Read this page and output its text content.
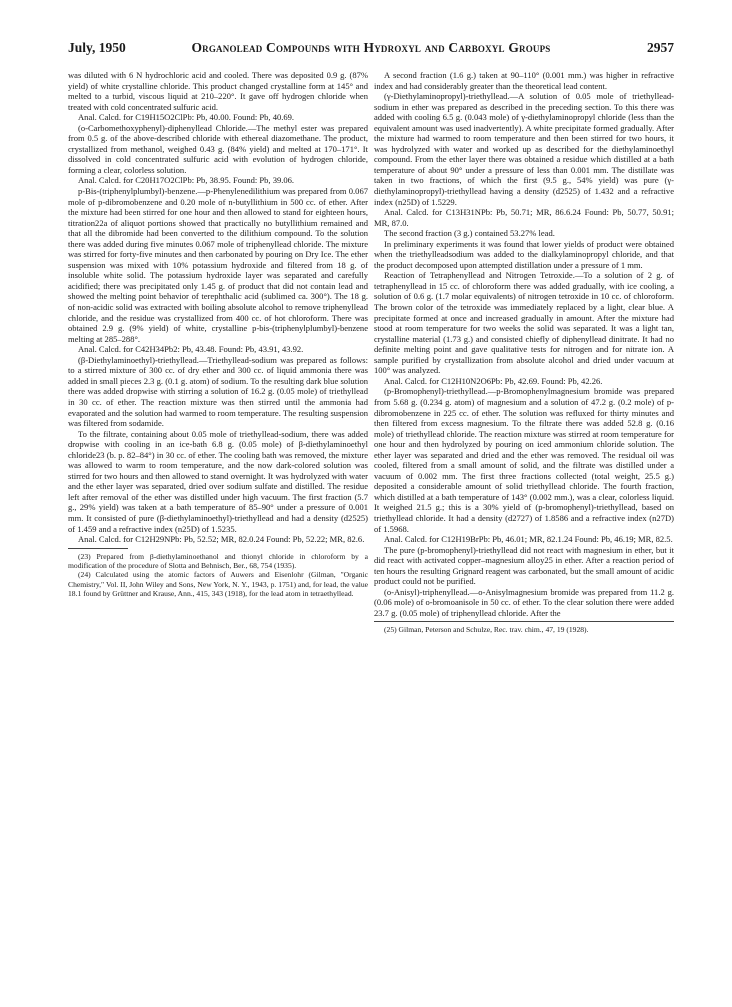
July, 1950	Organolead Compounds with Hydroxyl and Carboxyl Groups	2957

was diluted with 6 N hydrochloric acid and cooled. There was deposited 0.9 g. (87% yield) of white crystalline chloride. This product changed crystalline form at 145° and melted to a turbid, viscous liquid at 210–220°. It gave off hydrogen chloride when treated with cold concentrated sulfuric acid.

Anal. Calcd. for C19H15O2ClPb: Pb, 40.00. Found: Pb, 40.69.

(o-Carbomethoxyphenyl)-diphenyllead Chloride.—The methyl ester was prepared from 0.5 g. of the above-described chloride with ethereal diazomethane. The product, crystallized from methanol, weighed 0.43 g. (84% yield) and melted at 170–171°. It dissolved in cold concentrated sulfuric acid with evolution of hydrogen chloride, forming a clear, colorless solution.

Anal. Calcd. for C20H17O2ClPb: Pb, 38.95. Found: Pb, 39.06.

p-Bis-(triphenylplumbyl)-benzene.—p-Phenylenedilithium was prepared from 0.067 mole of p-dibromobenzene and 0.20 mole of n-butyllithium in 500 cc. of ether. After the mixture had been stirred for one hour and then allowed to stand for eighteen hours, titration22a of aliquot portions showed that practically no butyllithium remained and that all the dibromide had been converted to the dilithium compound. To the solution there was added during five minutes 0.067 mole of triphenyllead chloride. The mixture was stirred for forty-five minutes and then carbonated by pouring on Dry Ice. The ether suspension was mixed with 10% potassium hydroxide and filtered from 18 g. of insoluble white solid. The potassium hydroxide layer was separated and carefully acidified; there was precipitated only 1.45 g. of product that did not contain lead and showed the melting point behavior of terephthalic acid (sublimed ca. 300°). The 18 g. of non-acidic solid was extracted with boiling absolute alcohol to remove triphenyllead chloride, and the residue was crystallized from 400 cc. of hot chloroform. There was obtained 2.9 g. (9% yield) of white, crystalline p-bis-(triphenylplumbyl)-benzene melting at 285–288°.

Anal. Calcd. for C42H34Pb2: Pb, 43.48. Found: Pb, 43.91, 43.92.

(β-Diethylaminoethyl)-triethyllead.—Triethyllead-sodium was prepared as follows: to a stirred mixture of 300 cc. of dry ether and 300 cc. of liquid ammonia there was added in small pieces 2.3 g. (0.1 g. atom) of sodium. To the resulting dark blue solution there was added dropwise with stirring a solution of 16.2 g. (0.05 mole) of triethyllead in 30 cc. of ether. The reaction mixture was then stirred until the ammonia had evaporated and the solution had warmed to room temperature. The resulting suspension was filtered from sodamide.

To the filtrate, containing about 0.05 mole of triethyllead-sodium, there was added dropwise with cooling in an ice-bath 6.8 g. (0.05 mole) of β-diethylaminoethyl chloride23 (b. p. 82–84°) in 30 cc. of ether. The cooling bath was removed, the mixture was allowed to warm to room temperature, and the now dark-colored solution was stirred for two hours and then allowed to stand overnight. It was hydrolyzed with water and the ether layer was separated, dried over sodium sulfate and distilled. The residue left after removal of the ether was distilled under high vacuum. The first fraction (5.7 g., 29% yield) was taken at a bath temperature of 85–90° under a pressure of 0.001 mm. It consisted of pure (β-diethylaminoethyl)-triethyllead and had a density (d2525) of 1.459 and a refractive index (n25D) of 1.5235.

Anal. Calcd. for C12H29NPb: Pb, 52.52; MR, 82.0.24 Found: Pb, 52.22; MR, 82.6.

(23) Prepared from β-diethylaminoethanol and thionyl chloride in chloroform by a modification of the procedure of Slotta and Behnisch, Ber., 68, 754 (1935).

(24) Calculated using the atomic factors of Auwers and Eisenlohr (Gilman, "Organic Chemistry," Vol. II, John Wiley and Sons, New York, N. Y., 1943, p. 1751) and, for lead, the value 18.1 found by Grüttner and Krause, Ann., 415, 343 (1918), for the lead atom in tetraethyllead.

A second fraction (1.6 g.) taken at 90–110° (0.001 mm.) was higher in refractive index and had considerably greater than the theoretical lead content.

(γ-Diethylaminopropyl)-triethyllead.—A solution of 0.05 mole of triethyllead-sodium in ether was prepared as described in the preceding section. To this there was added with cooling 6.5 g. (0.043 mole) of γ-diethylaminopropyl chloride (less than the equivalent amount was used inadvertently). A white precipitate formed gradually. After the mixture had warmed to room temperature and then been stirred for two hours, it was hydrolyzed with water and worked up as described for the diethylaminoethyl compound. From the ether layer there was obtained a residue which distilled at a bath temperature of about 90° under a pressure of less than 0.001 mm. The distillate was taken in two fractions, of which the first (9.5 g., 54% yield) was pure (γ-diethylaminopropyl)-triethyllead having a density (d2525) of 1.432 and a refractive index (n25D) of 1.5229.

Anal. Calcd. for C13H31NPb: Pb, 50.71; MR, 86.6.24 Found: Pb, 50.77, 50.91; MR, 87.0.

The second fraction (3 g.) contained 53.27% lead.

In preliminary experiments it was found that lower yields of product were obtained when the triethylleadsodium was added to the dialkylaminopropyl chloride, and that the product decomposed upon attempted distillation under a pressure of 1 mm.

Reaction of Tetraphenyllead and Nitrogen Tetroxide.—To a solution of 2 g. of tetraphenyllead in 15 cc. of chloroform there was added gradually, with ice cooling, a solution of 0.6 g. (1.7 molar equivalents) of nitrogen tetroxide in 10 cc. of chloroform. The brown color of the tetroxide was immediately replaced by a light, clear blue. A precipitate formed at once and increased gradually in amount. After the mixture had stood at room temperature for two weeks the solid was separated. It was a light tan, crystalline material (1.73 g.) and consisted chiefly of diphenyllead dinitrate. It had no definite melting point and gave qualitative tests for nitrogen and for nitrate ion. A sample purified by crystallization from absolute alcohol and dried under vacuum at 100° was analyzed.

Anal. Calcd. for C12H10N2O6Pb: Pb, 42.69. Found: Pb, 42.26.

(p-Bromophenyl)-triethyllead.—p-Bromophenylmagnesium bromide was prepared from 5.68 g. (0.234 g. atom) of magnesium and a solution of 47.2 g. (0.2 mole) of p-dibromobenzene in 225 cc. of ether. The solution was refluxed for thirty minutes and then filtered from excess magnesium. To the filtrate there was added 52.8 g. (0.16 mole) of triethyllead chloride. The reaction mixture was stirred at room temperature for one hour and then hydrolyzed by pouring on iced ammonium chloride solution. The ether layer was separated and dried and the ether was removed. The residual oil was cooled, filtered from a small amount of solid, and the filtrate was distilled under a vacuum of 0.002 mm. The first three fractions collected (total weight, 25.5 g.) deposited a considerable amount of solid triethyllead chloride. The fourth fraction, which distilled at a bath temperature of 143° (0.002 mm.), was a clear, colorless liquid. It weighed 21.5 g.; this is a 30% yield of (p-bromophenyl)-triethyllead, based on triethyllead chloride. It had a density (d2727) of 1.8586 and a refractive index (n27D) of 1.5968.

Anal. Calcd. for C12H19BrPb: Pb, 46.01; MR, 82.1.24 Found: Pb, 46.19; MR, 82.5.

The pure (p-bromophenyl)-triethyllead did not react with magnesium in ether, but it did react with activated copper–magnesium alloy25 in ether. After a reaction period of ten hours the resulting Grignard reagent was carbonated, but the small amount of acidic product could not be purified.

(o-Anisyl)-triphenyllead.—o-Anisylmagnesium bromide was prepared from 11.2 g. (0.06 mole) of o-bromoanisole in 50 cc. of ether. To the clear solution there were added 23.7 g. (0.05 mole) of triphenyllead chloride. After the

(25) Gilman, Peterson and Schulze, Rec. trav. chim., 47, 19 (1928).
